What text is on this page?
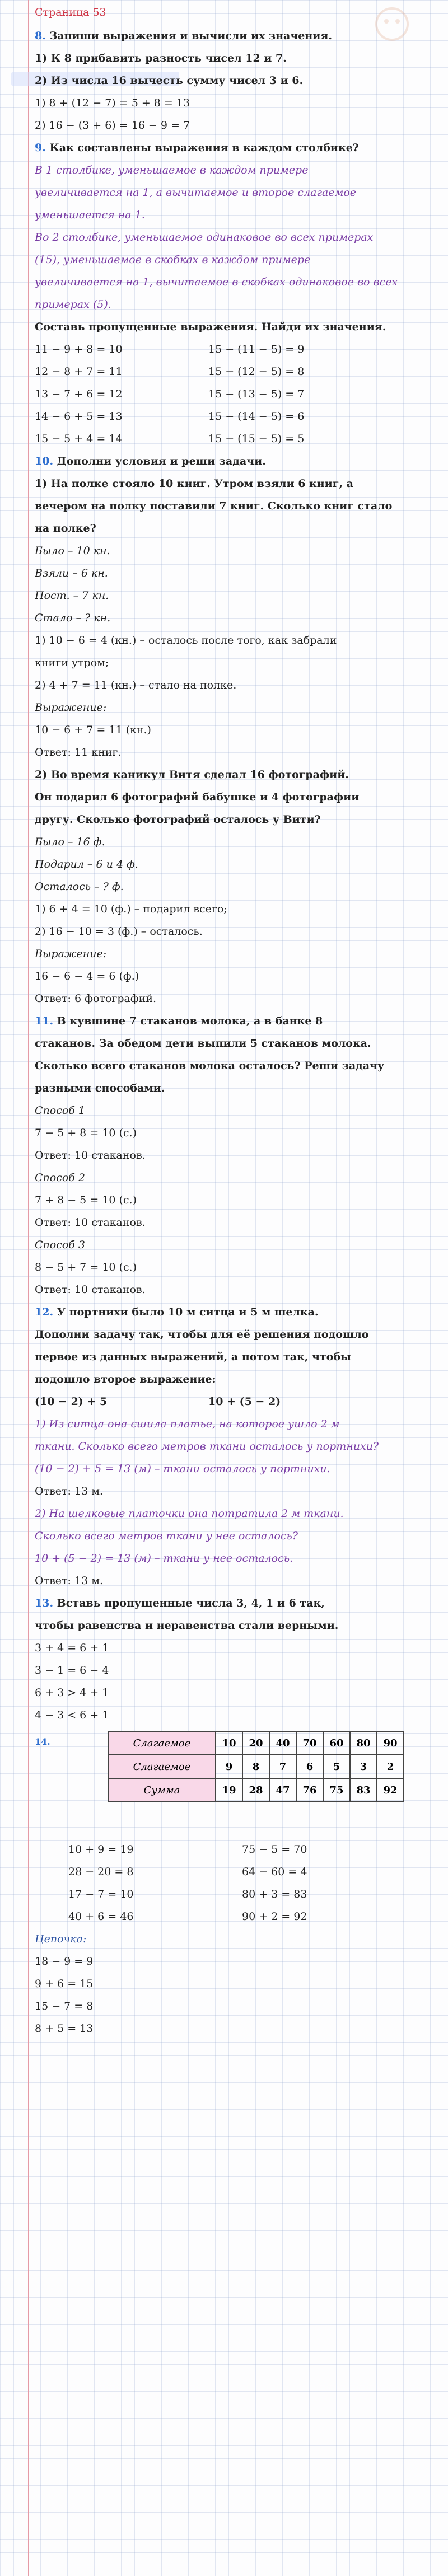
Страница 53
8. Запиши выражения и вычисли их значения.
1) К 8 прибавить разность чисел 12 и 7.
2) Из числа 16 вычесть сумму чисел 3 и 6.
1) 8 + (12 − 7) = 5 + 8 = 13
2) 16 − (3 + 6) = 16 − 9 = 7
9. Как составлены выражения в каждом столбике?
В 1 столбике, уменьшаемое в каждом примере
увеличивается на 1, а вычитаемое и второе слагаемое
уменьшается на 1.
Во 2 столбике, уменьшаемое одинаковое во всех примерах
(15), уменьшаемое в скобках в каждом примере
увеличивается на 1, вычитаемое в скобках одинаковое во всех
примерах (5).
Составь пропущенные выражения. Найди их значения.
11 − 9 + 8 = 10	15 − (11 − 5) = 9
12 − 8 + 7 = 11	15 − (12 − 5) = 8
13 − 7 + 6 = 12	15 − (13 − 5) = 7
14 − 6 + 5 = 13	15 − (14 − 5) = 6
15 − 5 + 4 = 14	15 − (15 − 5) = 5
10. Дополни условия и реши задачи.
1) На полке стояло 10 книг. Утром взяли 6 книг, а
вечером на полку поставили 7 книг. Сколько книг стало
на полке?
Было – 10 кн.
Взяли – 6 кн.
Пост. – 7 кн.
Стало – ? кн.
1) 10 − 6 = 4 (кн.) – осталось после того, как забрали
книги утром;
2) 4 + 7 = 11 (кн.) – стало на полке.
Выражение:
10 − 6 + 7 = 11 (кн.)
Ответ: 11 книг.
2) Во время каникул Витя сделал 16 фотографий.
Он подарил 6 фотографий бабушке и 4 фотографии
другу. Сколько фотографий осталось у Вити?
Было – 16 ф.
Подарил – 6 и 4 ф.
Осталось – ? ф.
1) 6 + 4 = 10 (ф.) – подарил всего;
2) 16 − 10 = 3 (ф.) – осталось.
Выражение:
16 − 6 − 4 = 6 (ф.)
Ответ: 6 фотографий.
11. В кувшине 7 стаканов молока, а в банке 8
стаканов. За обедом дети выпили 5 стаканов молока.
Сколько всего стаканов молока осталось? Реши задачу
разными способами.
Способ 1
7 − 5 + 8 = 10 (с.)
Ответ: 10 стаканов.
Способ 2
7 + 8 − 5 = 10 (с.)
Ответ: 10 стаканов.
Способ 3
8 − 5 + 7 = 10 (с.)
Ответ: 10 стаканов.
12. У портнихи было 10 м ситца и 5 м шелка.
Дополни задачу так, чтобы для её решения подошло
первое из данных выражений, а потом так, чтобы
подошло второе выражение:
(10 − 2) + 5	10 + (5 − 2)
1) Из ситца она сшила платье, на которое ушло 2 м
ткани. Сколько всего метров ткани осталось у портнихи?
(10 − 2) + 5 = 13 (м) – ткани осталось у портнихи.
Ответ: 13 м.
2) На шелковые платочки она потратила 2 м ткани.
Сколько всего метров ткани у нее осталось?
10 + (5 − 2) = 13 (м) – ткани у нее осталось.
Ответ: 13 м.
13. Вставь пропущенные числа 3, 4, 1 и 6 так,
чтобы равенства и неравенства стали верными.
3 + 4 = 6 + 1
3 − 1 = 6 − 4
6 + 3 > 4 + 1
4 − 3 < 6 + 1
14.	Слагаемое	10	20	40	70	60	80	90
Слагаемое	9	8	7	6	5	3	2
Сумма	19	28	47	76	75	83	92
10 + 9 = 19	75 − 5 = 70
28 − 20 = 8	64 − 60 = 4
17 − 7 = 10	80 + 3 = 83
40 + 6 = 46	90 + 2 = 92
Цепочка:
18 − 9 = 9
9 + 6 = 15
15 − 7 = 8
8 + 5 = 13
